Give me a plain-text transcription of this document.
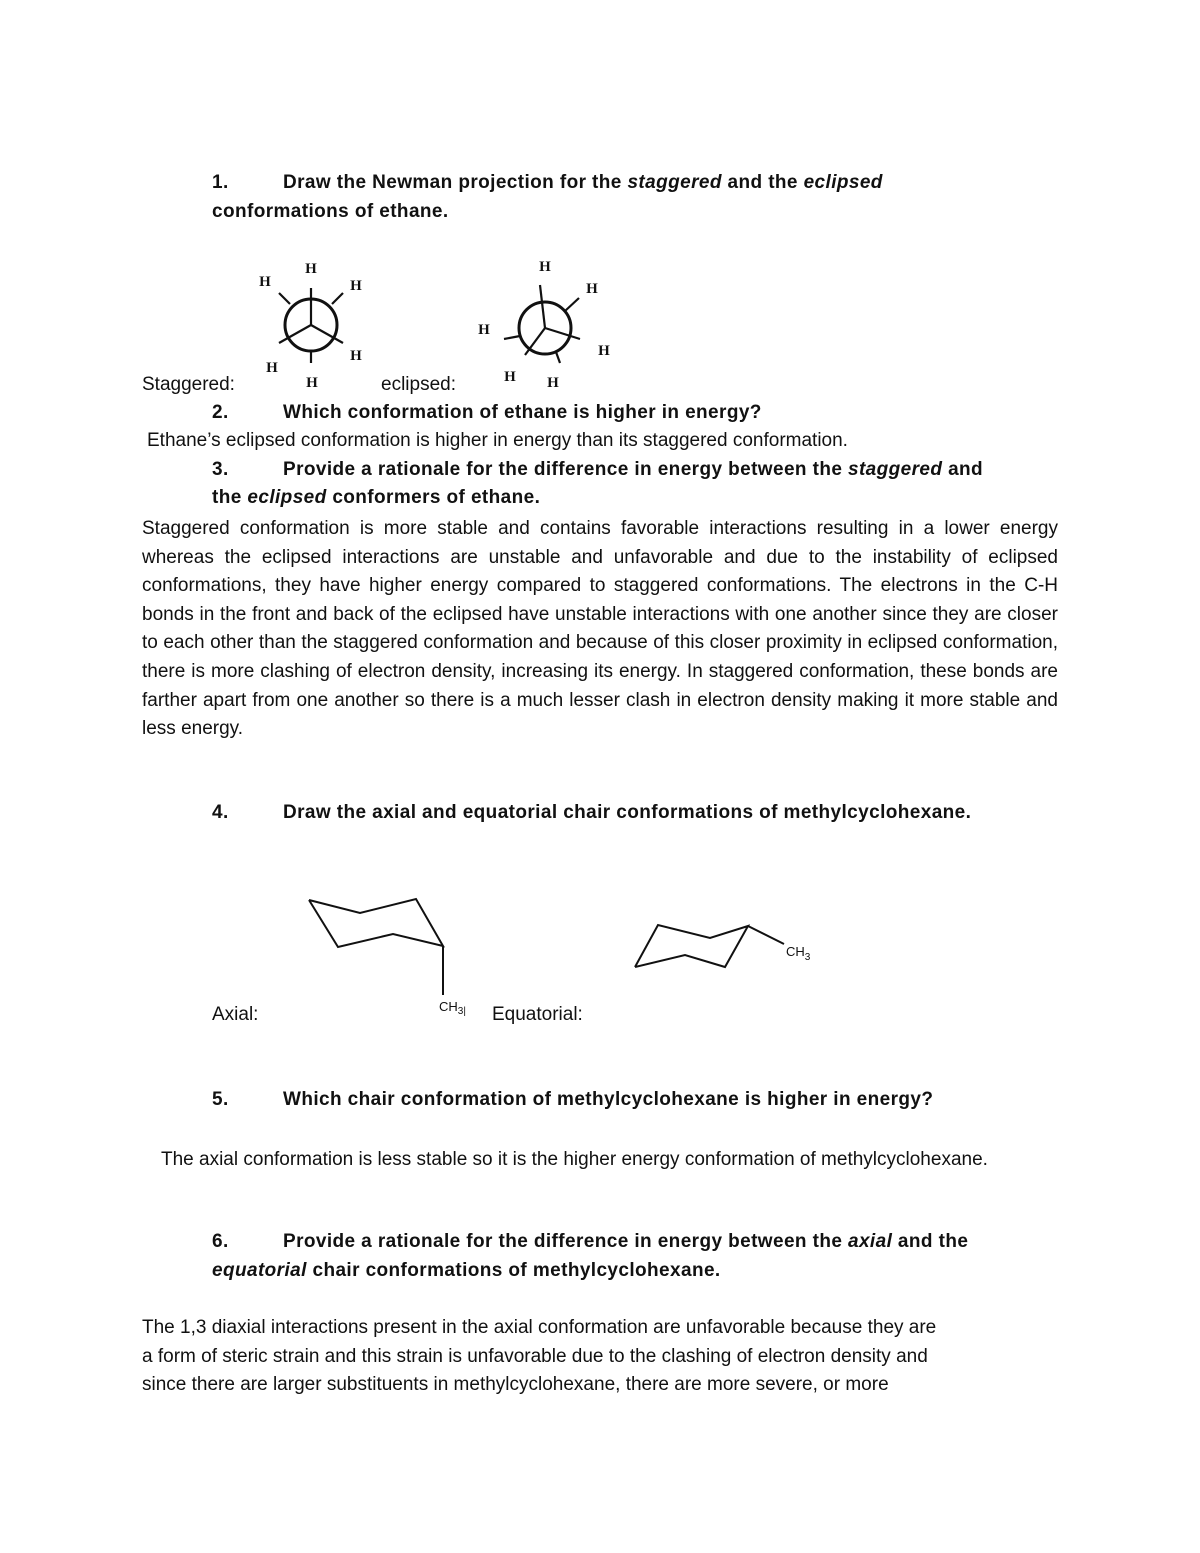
1.	Draw the Newman projection for the staggered and the eclipsed
conformations of ethane.
H
H	H
H
H
H
H
H
H
H
H H
Staggered:	eclipsed:
2.	Which conformation of ethane is higher in energy?
Ethane’s eclipsed conformation is higher in energy than its staggered conformation.
3.	Provide a rationale for the difference in energy between the staggered and
the eclipsed conformers of ethane.
Staggered conformation is more stable and contains favorable interactions resulting in a lower energy whereas the eclipsed interactions are unstable and unfavorable and due to the instability of eclipsed conformations, they have higher energy compared to staggered conformations. The electrons in the C-H bonds in the front and back of the eclipsed have unstable interactions with one another since they are closer to each other than the staggered conformation and because of this closer proximity in eclipsed conformation, there is more clashing of electron density, increasing its energy. In staggered conformation, these bonds are farther apart from one another so there is a much lesser clash in electron density making it more stable and less energy.
4.	Draw the axial and equatorial chair conformations of methylcyclohexane.
$CH_{3|}$
$CH_3$
Axial:	Equatorial:
5.	Which chair conformation of methylcyclohexane is higher in energy?
The axial conformation is less stable so it is the higher energy conformation of methylcyclohexane.
6.	Provide a rationale for the difference in energy between the axial and the
equatorial chair conformations of methylcyclohexane.
The 1,3 diaxial interactions present in the axial conformation are unfavorable because they are
a form of steric strain and this strain is unfavorable due to the clashing of electron density and
since there are larger substituents in methylcyclohexane, there are more severe, or more
